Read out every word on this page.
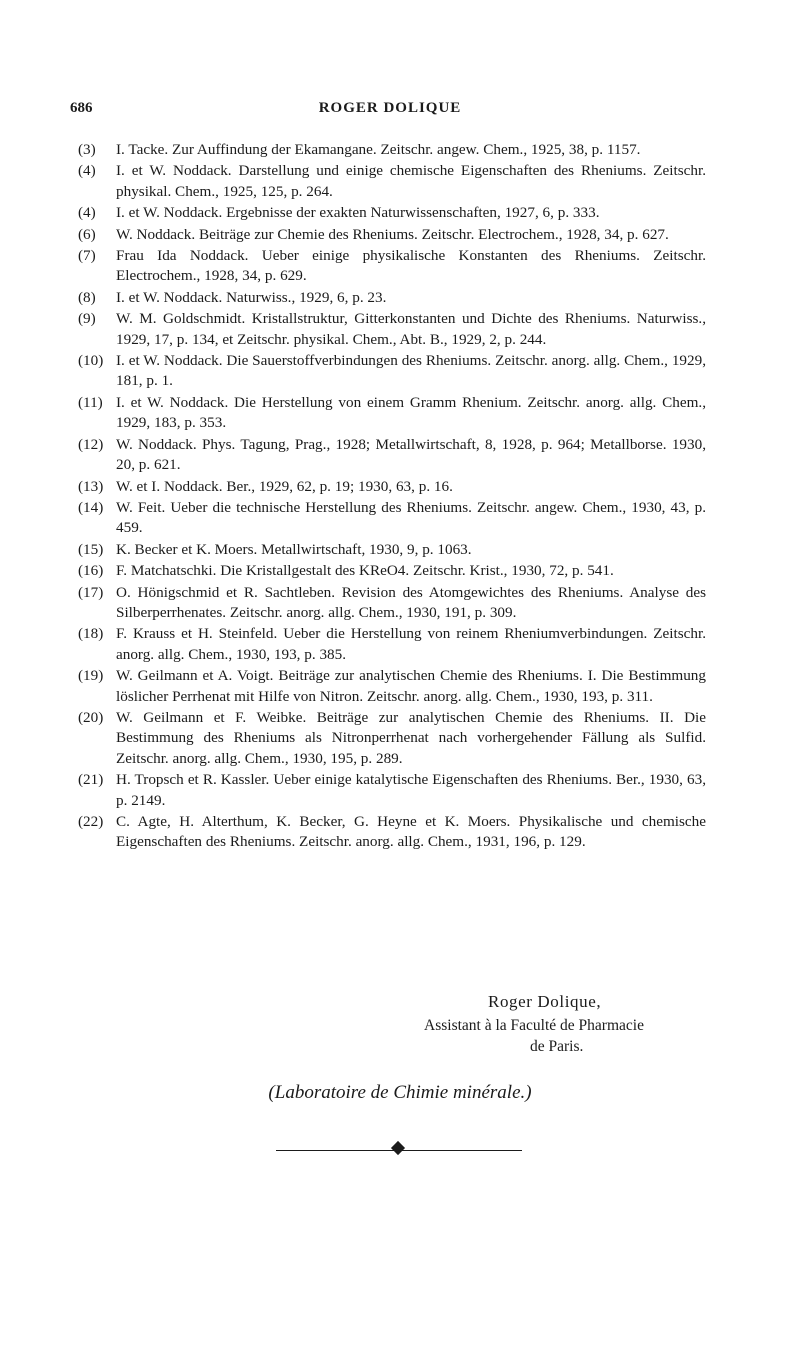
686	ROGER DOLIQUE
(3)	I. Tacke. Zur Auffindung der Ekamangane. Zeitschr. angew. Chem., 1925, 38, p. 1157.
(4)	I. et W. Noddack. Darstellung und einige chemische Eigenschaften des Rheniums. Zeitschr. physikal. Chem., 1925, 125, p. 264.
(4)	I. et W. Noddack. Ergebnisse der exakten Naturwissenschaften, 1927, 6, p. 333.
(6)	W. Noddack. Beiträge zur Chemie des Rheniums. Zeitschr. Electrochem., 1928, 34, p. 627.
(7)	Frau Ida Noddack. Ueber einige physikalische Konstanten des Rheniums. Zeitschr. Electrochem., 1928, 34, p. 629.
(8)	I. et W. Noddack. Naturwiss., 1929, 6, p. 23.
(9)	W. M. Goldschmidt. Kristallstruktur, Gitterkonstanten und Dichte des Rheniums. Naturwiss., 1929, 17, p. 134, et Zeitschr. physikal. Chem., Abt. B., 1929, 2, p. 244.
(10) I. et W. Noddack. Die Sauerstoffverbindungen des Rheniums. Zeitschr. anorg. allg. Chem., 1929, 181, p. 1.
(11) I. et W. Noddack. Die Herstellung von einem Gramm Rhenium. Zeitschr. anorg. allg. Chem., 1929, 183, p. 353.
(12) W. Noddack. Phys. Tagung, Prag., 1928; Metallwirtschaft, 8, 1928, p. 964; Metallborse. 1930, 20, p. 621.
(13) W. et I. Noddack. Ber., 1929, 62, p. 19; 1930, 63, p. 16.
(14) W. Feit. Ueber die technische Herstellung des Rheniums. Zeitschr. angew. Chem., 1930, 43, p. 459.
(15) K. Becker et K. Moers. Metallwirtschaft, 1930, 9, p. 1063.
(16) F. Matchatschki. Die Kristallgestalt des KReO4. Zeitschr. Krist., 1930, 72, p. 541.
(17) O. Hönigschmid et R. Sachtleben. Revision des Atomgewichtes des Rheniums. Analyse des Silberperrhenates. Zeitschr. anorg. allg. Chem., 1930, 191, p. 309.
(18) F. Krauss et H. Steinfeld. Ueber die Herstellung von reinem Rheniumverbindungen. Zeitschr. anorg. allg. Chem., 1930, 193, p. 385.
(19) W. Geilmann et A. Voigt. Beiträge zur analytischen Chemie des Rheniums. I. Die Bestimmung löslicher Perrhenat mit Hilfe von Nitron. Zeitschr. anorg. allg. Chem., 1930, 193, p. 311.
(20) W. Geilmann et F. Weibke. Beiträge zur analytischen Chemie des Rheniums. II. Die Bestimmung des Rheniums als Nitronperrhenat nach vorhergehender Fällung als Sulfid. Zeitschr. anorg. allg. Chem., 1930, 195, p. 289.
(21) H. Tropsch et R. Kassler. Ueber einige katalytische Eigenschaften des Rheniums. Ber., 1930, 63, p. 2149.
(22) C. Agte, H. Alterthum, K. Becker, G. Heyne et K. Moers. Physikalische und chemische Eigenschaften des Rheniums. Zeitschr. anorg. allg. Chem., 1931, 196, p. 129.
Roger Dolique,
Assistant à la Faculté de Pharmacie
de Paris.
(Laboratoire de Chimie minérale.)
